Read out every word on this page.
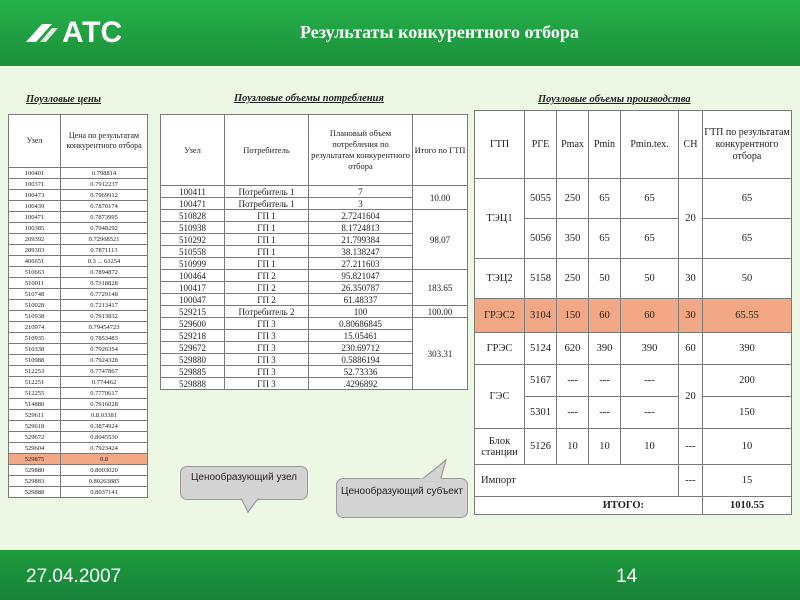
АТС	Результаты конкурентного отбора
Поузловые цены	Поузловые объемы потребления	Поузловые объемы производства
Узел	Цена по результатам конкурентного отбора
100401	0.798814
100371	0.7912237
100473	0.7969912
100439	0.7870174
100471	0.7873995
100385	0.7948292
209392	0.72968521
209303	0.7871113
406651	0.3 ... 63254
510663	0.7894872
510011	0.7318828
510748	0.7729148
510928	0.7213417
510938	0.7913832
210974	0.79454723
510935	0.7853483
510338	0.7926354
510988	0.7924328
512253	0.7747867
512251	0.774462
512255	0.7770617
514880	0.7916028
529611	0.8.03381
529618	0.3874924
529672	0.8045530
529604	0.7923424
529875	0.8
529880	0.8003020
529883	0.80263885
529888	0.8037141
Узел	Потребитель	Плановый объем потребления по результатам конкурентного отбора	Итого по ГТП
100411	Потребитель 1	7	10.00
100471	Потребитель 1	3	
510828	ГП 1	2.7241604	98.07
510938	ГП 1	8.1724813	
510292	ГП 1	21.799384	
510558	ГП 1	38.138247	
510999	ГП 1	27.211603	
100464	ГП 2	95.821047	183.65
100417	ГП 2	26.350787	
100047	ГП 2	61.48337	
529215	Потребитель 2	100	100.00
529600	ГП 3	0.80686845	303.31
529218	ГП 3	15.05461	
529672	ГП 3	230.69712	
529880	ГП 3	0.5886194	
529885	ГП 3	52.73336	
529888	ГП 3	.4296892	
ГТП	РГЕ	Pmax	Pmin	Pmin.tex.	СН	ГТП по результатам конкурентного отбора
ТЭЦ1	5055	250	65	65	20	65
	5056	350	65	65		65
ТЭЦ2	5158	250	50	50	30	50
ГРЭС2	3104	150	60	60	30	65.55
ГРЭС	5124	620	390	390	60	390
ГЭС	5167	---	---	---	20	200
	5301	---	---	---		150
Блок станции	5126	10	10	10	---	10
Импорт					---	15
ИТОГО:						1010.55
Ценообразующий узел
Ценообразующий субъект
27.04.2007	14
